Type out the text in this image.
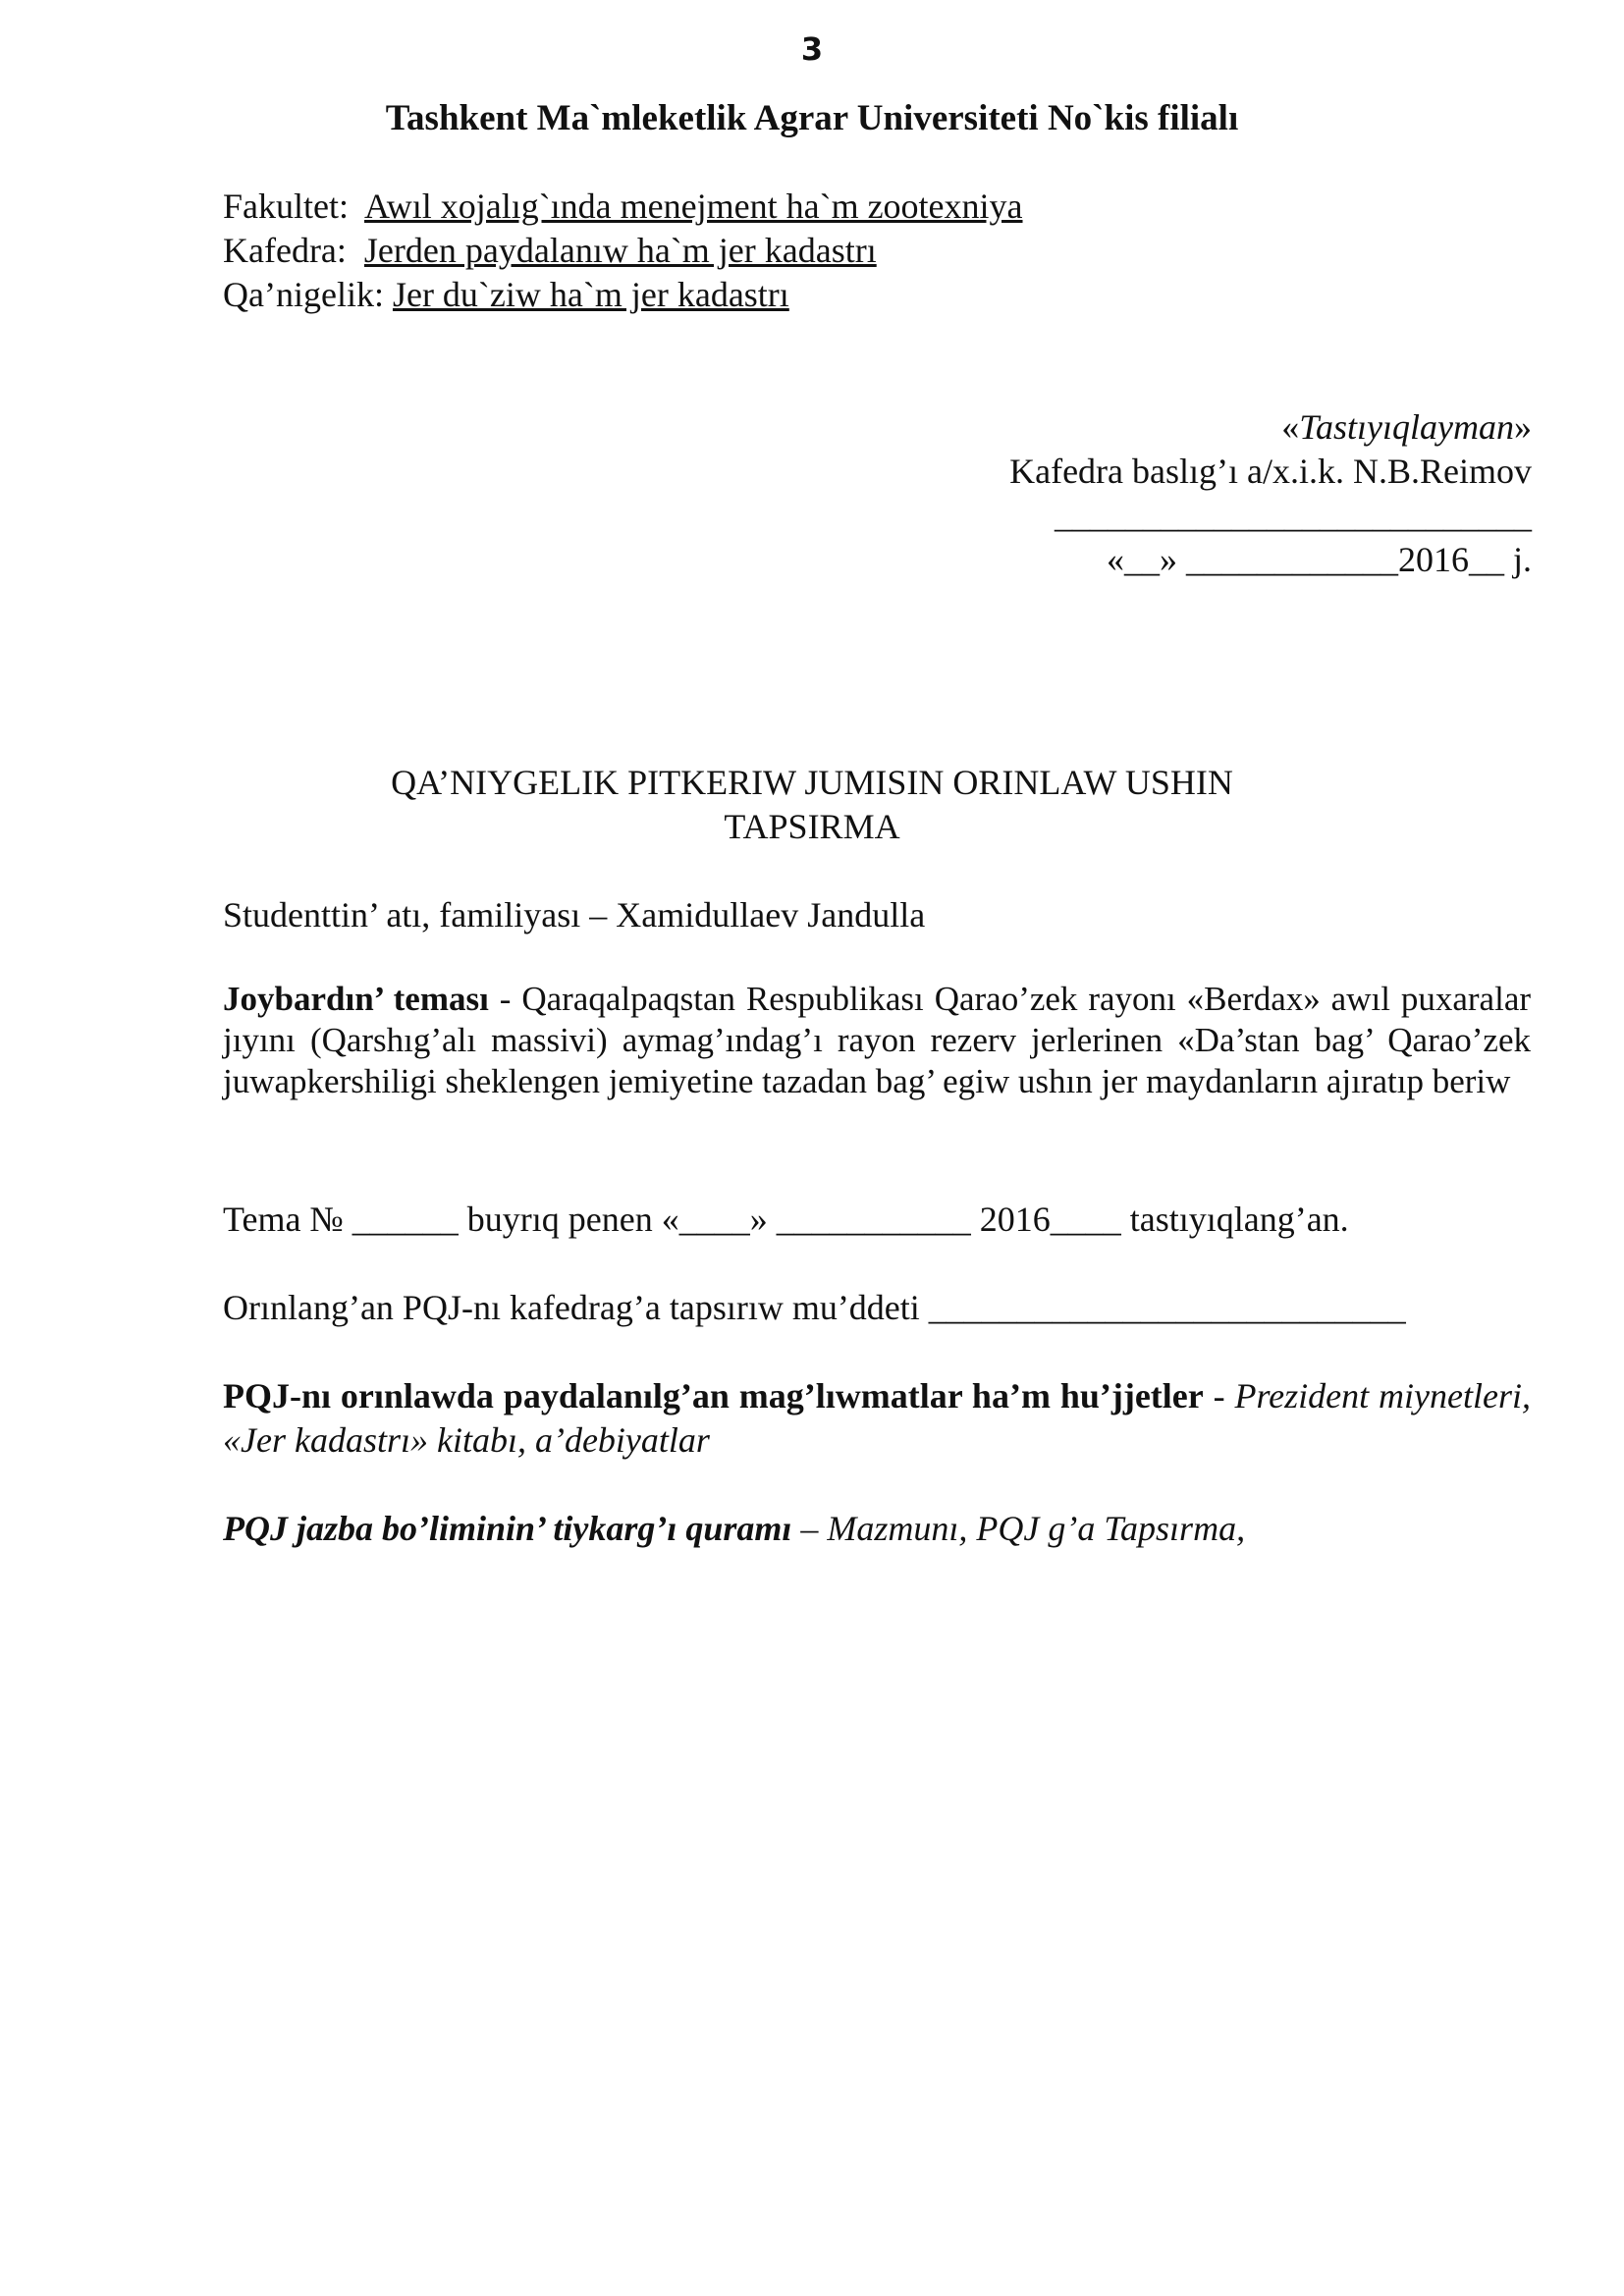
3
Tashkent Ma`mleketlik Agrar Universiteti No`kis filialı
Fakultet: Awıl xojalıg`ında menejment ha`m zootexniya
Kafedra: Jerden paydalanıw ha`m jer kadastrı
Qa’nigelik: Jer du`ziw ha`m jer kadastrı
«Tastıyıqlayman»
Kafedra baslıg’ı a/x.i.k. N.B.Reimov
___________________________
«__» ____________2016__ j.
QA’NIYGELIK PITKERIW JUMISIN ORINLAW USHIN
TAPSIRMA
Studenttin’ atı, familiyası – Xamidullaev Jandulla
Joybardın’ teması - Qaraqalpaqstan Respublikası Qarao’zek rayonı «Berdax» awıl puxaralar jıyını (Qarshıg’alı massivi) aymag’ındag’ı rayon rezerv jerlerinen «Da’stan bag’ Qarao’zek juwapkershiligi sheklengen jemiyetine tazadan bag’ egiw ushın jer maydanların ajıratıp beriw
Tema № ______ buyrıq penen «____» ___________ 2016____ tastıyıqlang’an.
Orınlang’an PQJ-nı kafedrag’a tapsırıw mu’ddeti ___________________________
PQJ-nı orınlawda paydalanılg’an mag’lıwmatlar ha’m hu’jjetler - Prezident miynetleri, «Jer kadastrı» kitabı, a’debiyatlar
PQJ jazba bo’liminin’ tiykarg’ı quramı – Mazmunı, PQJ g’a Tapsırma,
